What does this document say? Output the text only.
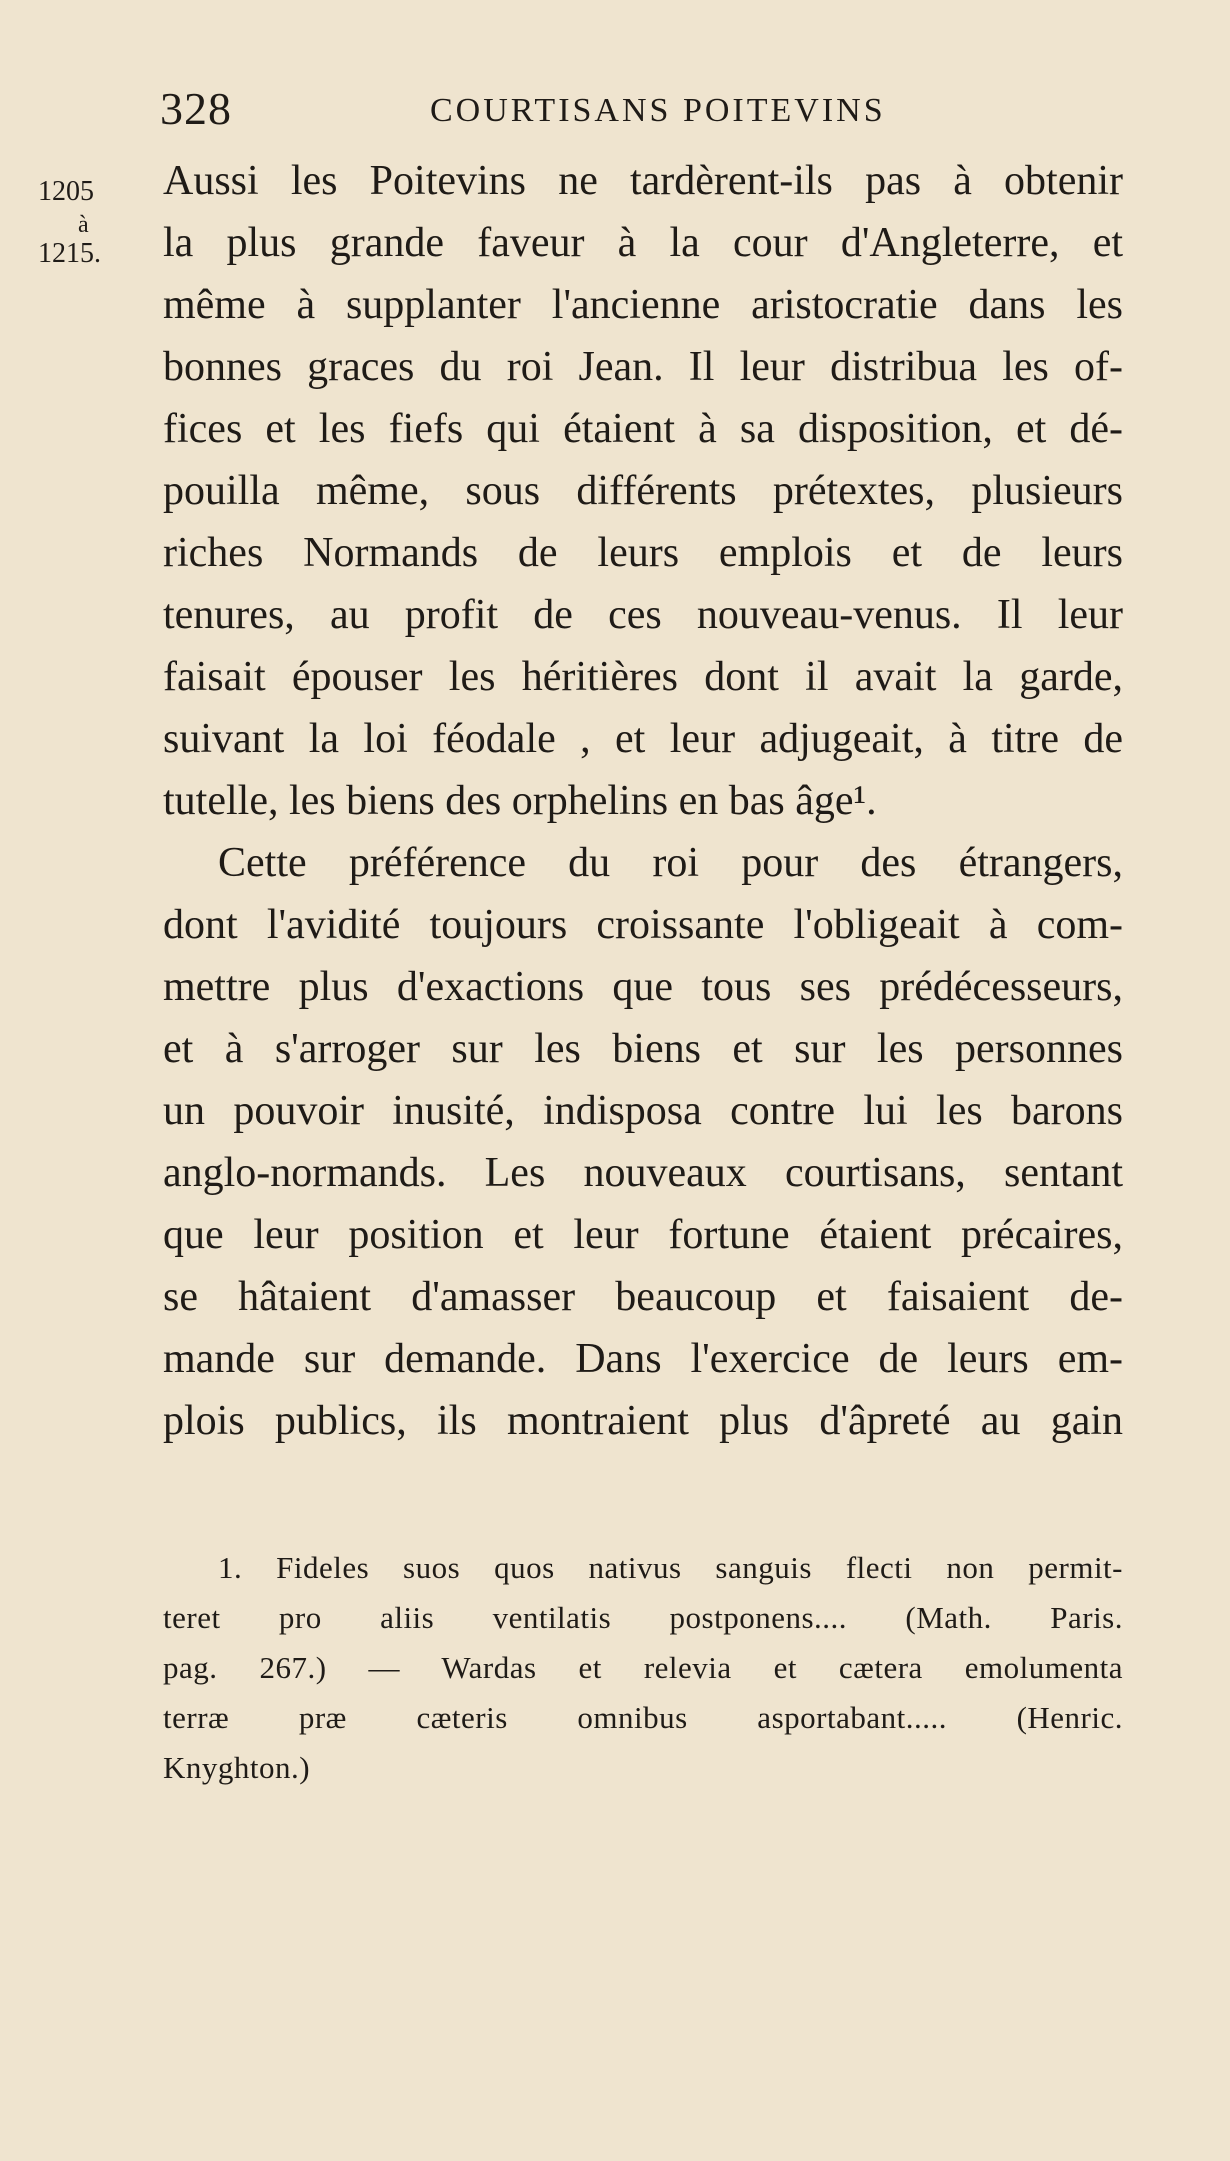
328	COURTISANS POITEVINS
1205
à
1215.
Aussi les Poitevins ne tardèrent-ils pas à obtenir
la plus grande faveur à la cour d'Angleterre, et
même à supplanter l'ancienne aristocratie dans les
bonnes graces du roi Jean. Il leur distribua les of-
fices et les fiefs qui étaient à sa disposition, et dé-
pouilla même, sous différents prétextes, plusieurs
riches Normands de leurs emplois et de leurs
tenures, au profit de ces nouveau-venus. Il leur
faisait épouser les héritières dont il avait la garde,
suivant la loi féodale , et leur adjugeait, à titre de
tutelle, les biens des orphelins en bas âge¹.
Cette préférence du roi pour des étrangers,
dont l'avidité toujours croissante l'obligeait à com-
mettre plus d'exactions que tous ses prédécesseurs,
et à s'arroger sur les biens et sur les personnes
un pouvoir inusité, indisposa contre lui les barons
anglo-normands. Les nouveaux courtisans, sentant
que leur position et leur fortune étaient précaires,
se hâtaient d'amasser beaucoup et faisaient de-
mande sur demande. Dans l'exercice de leurs em-
plois publics, ils montraient plus d'âpreté au gain
1. Fideles suos quos nativus sanguis flecti non permit-
teret pro aliis ventilatis postponens.... (Math. Paris.
pag. 267.) — Wardas et relevia et cætera emolumenta
terræ præ cæteris omnibus asportabant..... (Henric.
Knyghton.)
